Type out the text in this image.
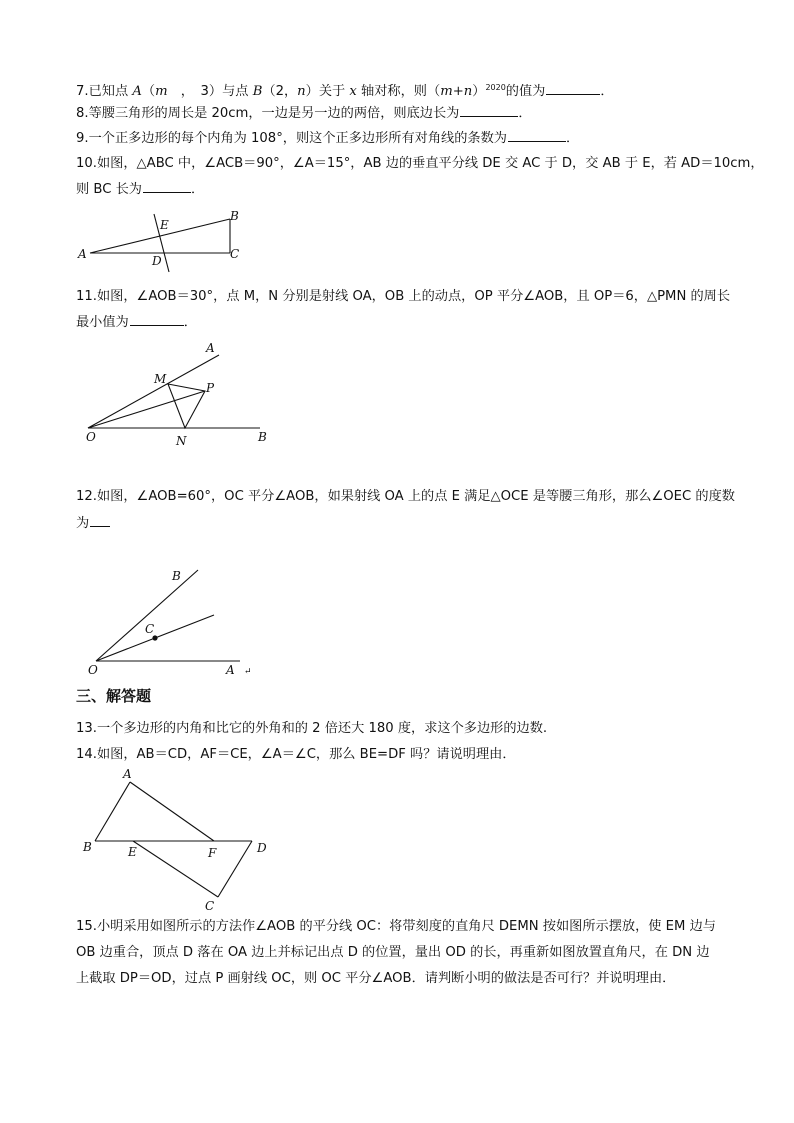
7.已知点 A（m　，　3）与点 B（2，n）关于 x 轴对称，则$(m+n)^{2020}$的值为	．
8.等腰三角形的周长是 20cm，一边是另一边的两倍，则底边长为	．
9.一个正多边形的每个内角为 108°，则这个正多边形所有对角线的条数为	．
10.如图，△ABC 中，∠ACB＝90°，∠A＝15°，AB 边的垂直平分线 DE 交 AC 于 D，交 AB 于 E，若 AD＝10cm，
则 BC 长为	．
A
B
C
D
E
11.如图，∠AOB＝30°，点 M，N 分别是射线 OA，OB 上的动点，OP 平分∠AOB，且 OP＝6，△PMN 的周长
最小值为	．
A
B
O
M
N
P
12.如图，∠AOB=60°，OC 平分∠AOB，如果射线 OA 上的点 E 满足△OCE 是等腰三角形，那么∠OEC 的度数
为
B
C
O	A ↵
三、解答题
13.一个多边形的内角和比它的外角和的 2 倍还大 180 度，求这个多边形的边数.
14.如图，AB＝CD，AF＝CE，∠A＝∠C，那么 BE=DF 吗？请说明理由．
A
B
C
D
E	F
15.小明采用如图所示的方法作∠AOB 的平分线 OC：将带刻度的直角尺 DEMN 按如图所示摆放，使 EM 边与
OB 边重合，顶点 D 落在 OA 边上并标记出点 D 的位置，量出 OD 的长，再重新如图放置直角尺，在 DN 边
上截取 DP＝OD，过点 P 画射线 OC，则 OC 平分∠AOB．请判断小明的做法是否可行？并说明理由．
